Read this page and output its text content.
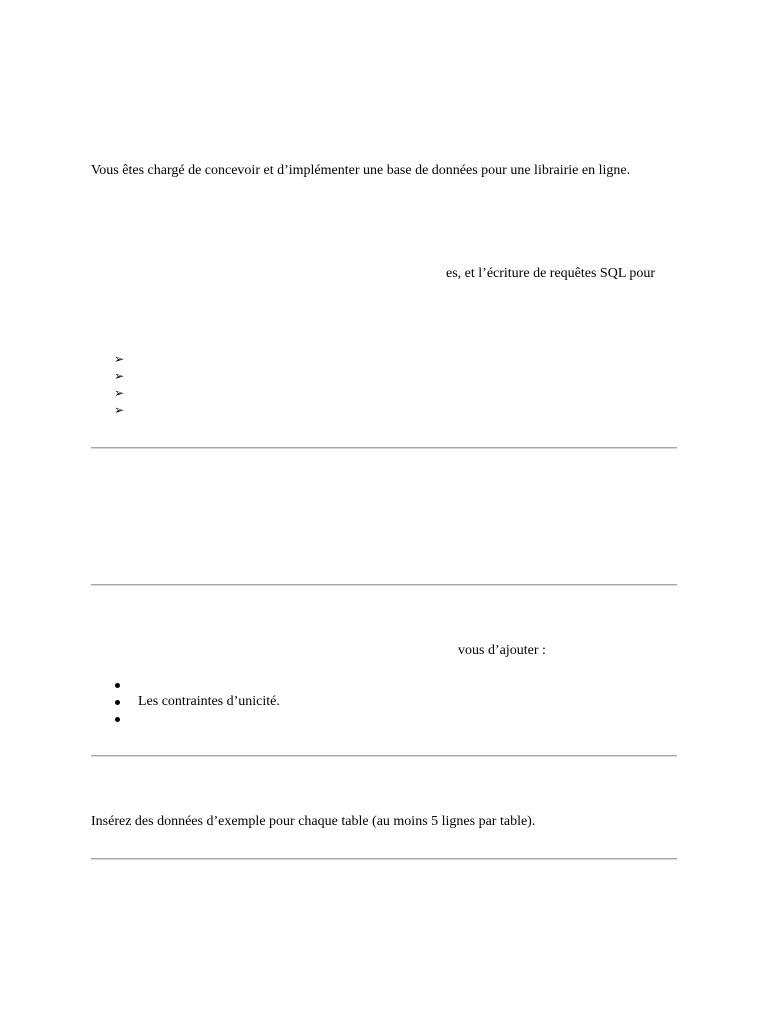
Vous êtes chargé de concevoir et d’implémenter une base de données pour une librairie en ligne.

es, et l’écriture de requêtes SQL pour

➢
➢
➢
➢

vous d’ajouter :

Les contraintes d’unicité.

Insérez des données d’exemple pour chaque table (au moins 5 lignes par table).
